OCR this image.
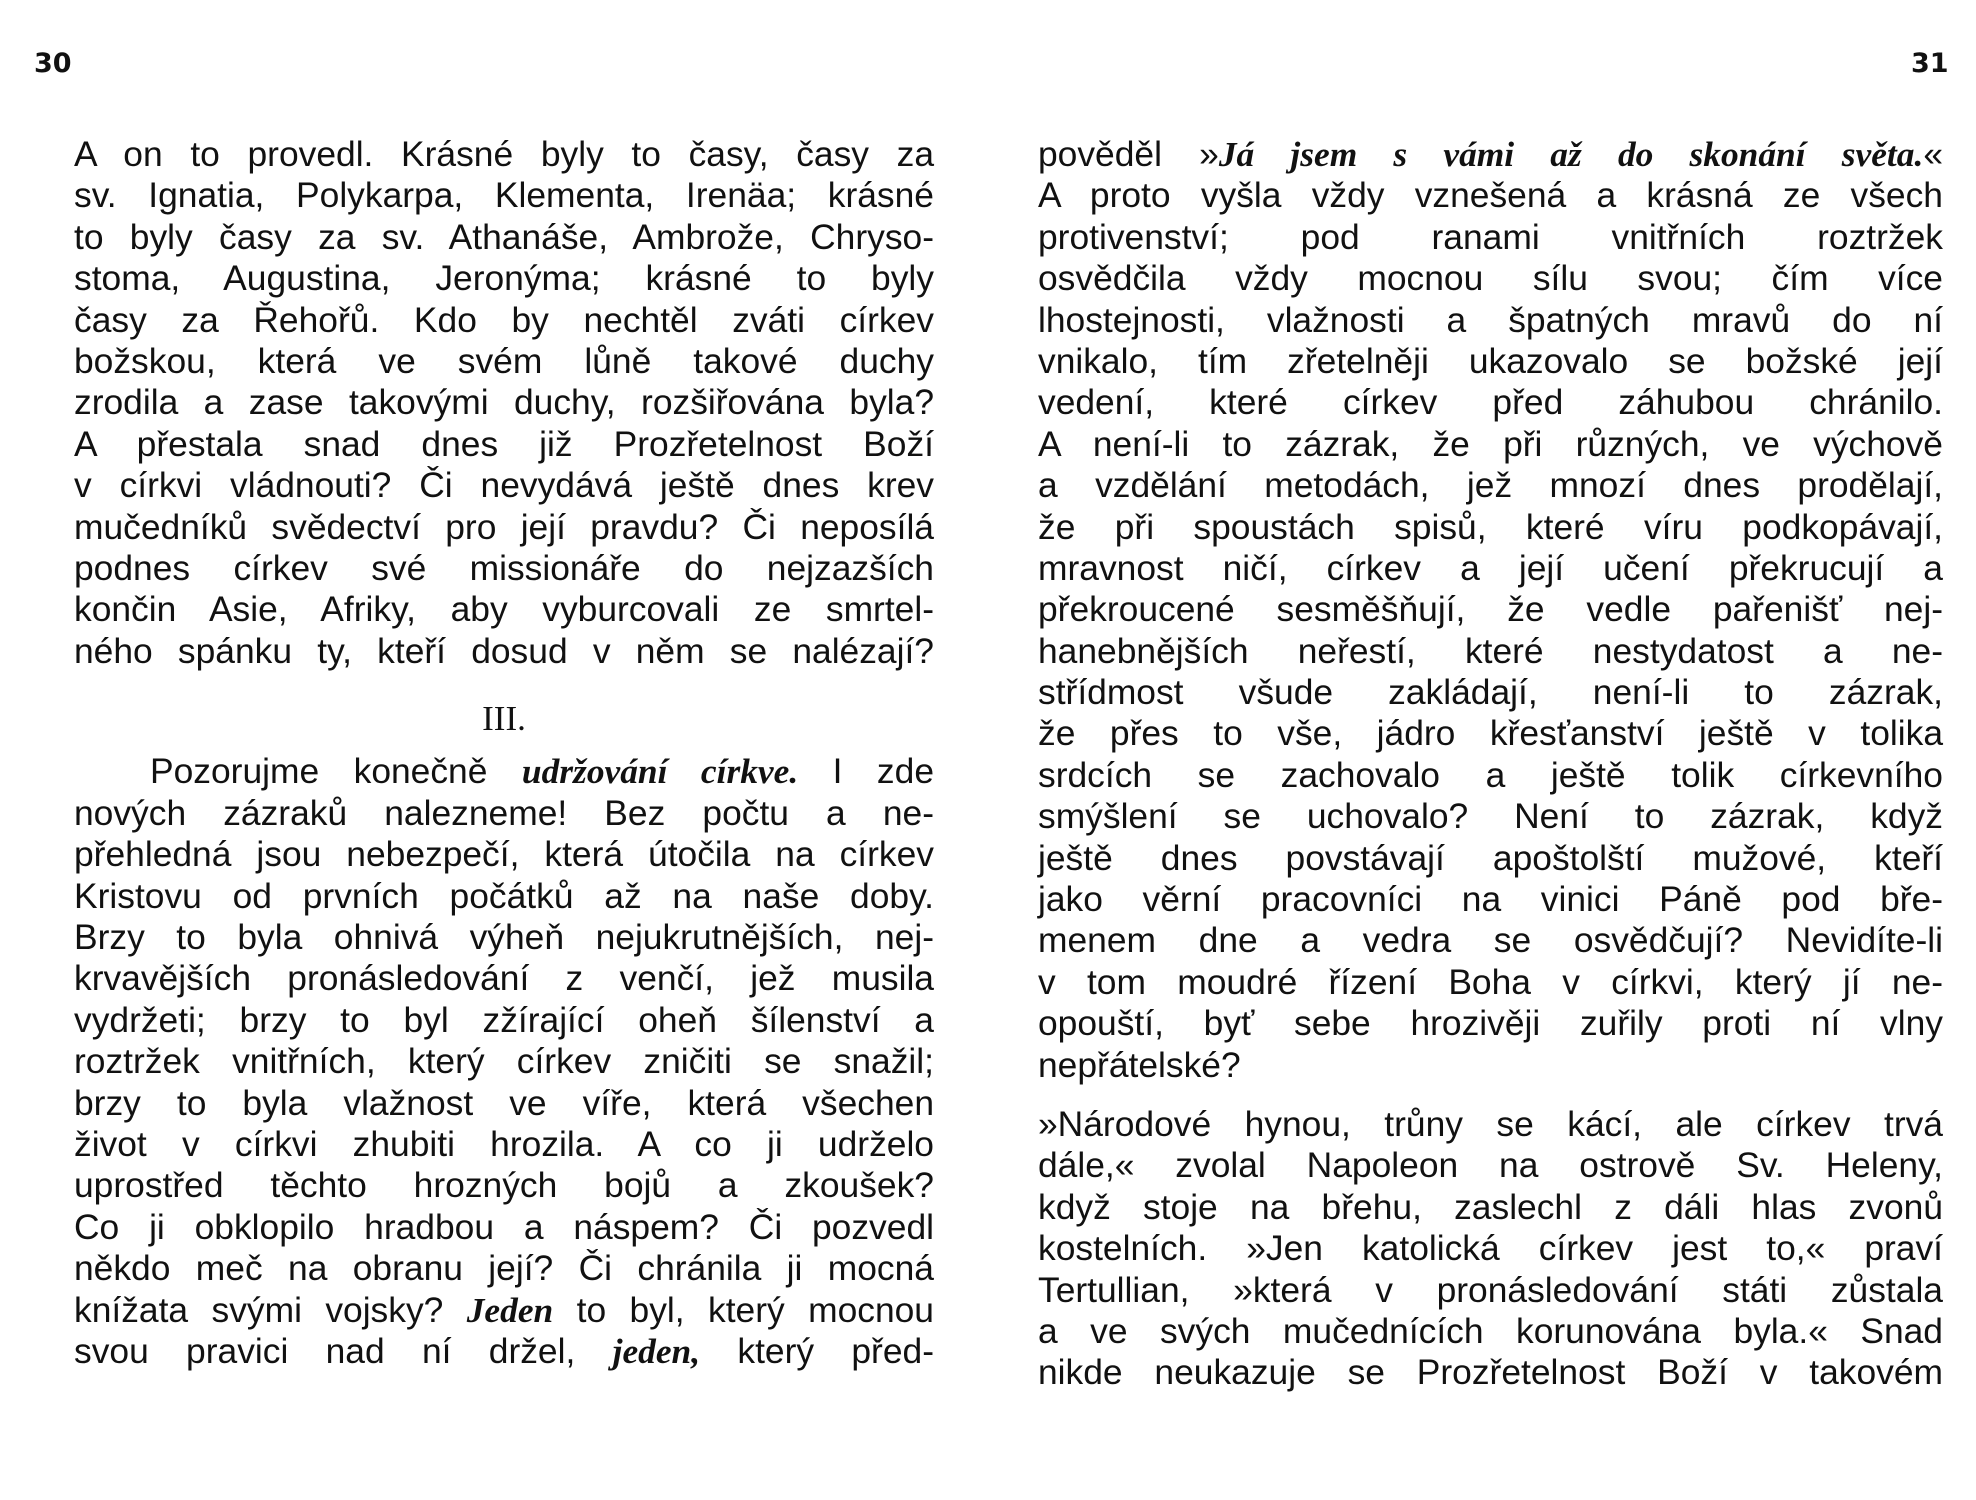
30	31
A on to provedl. Krásné byly to časy, časy za
sv. Ignatia, Polykarpa, Klementa, Irenäa; krásné
to byly časy za sv. Athanáše, Ambrože, Chryso-
stoma, Augustina, Jeronýma; krásné to byly
časy za Řehořů. Kdo by nechtěl zváti církev
božskou, která ve svém lůně takové duchy
zrodila a zase takovými duchy, rozšiřována byla?
A přestala snad dnes již Prozřetelnost Boží
v církvi vládnouti? Či nevydává ještě dnes krev
mučedníků svědectví pro její pravdu? Či neposílá
podnes církev své missionáře do nejzazších
končin Asie, Afriky, aby vyburcovali ze smrtel-
ného spánku ty, kteří dosud v něm se nalézají?
III.
Pozorujme konečně udržování církve. I zde
nových zázraků nalezneme! Bez počtu a ne-
přehledná jsou nebezpečí, která útočila na církev
Kristovu od prvních počátků až na naše doby.
Brzy to byla ohnivá výheň nejukrutnějších, nej-
krvavějších pronásledování z venčí, jež musila
vydržeti; brzy to byl zžírající oheň šílenství a
roztržek vnitřních, který církev zničiti se snažil;
brzy to byla vlažnost ve víře, která všechen
život v církvi zhubiti hrozila. A co ji udrželo
uprostřed těchto hrozných bojů a zkoušek?
Co ji obklopilo hradbou a náspem? Či pozvedl
někdo meč na obranu její? Či chránila ji mocná
knížata svými vojsky? Jeden to byl, který mocnou
svou pravici nad ní držel, jeden, který před-
pověděl »Já jsem s vámi až do skonání světa.«
A proto vyšla vždy vznešená a krásná ze všech
protivenství; pod ranami vnitřních roztržek
osvědčila vždy mocnou sílu svou; čím více
lhostejnosti, vlažnosti a špatných mravů do ní
vnikalo, tím zřetelněji ukazovalo se božské její
vedení, které církev před záhubou chránilo.
A není-li to zázrak, že při různých, ve výchově
a vzdělání metodách, jež mnozí dnes prodělají,
že při spoustách spisů, které víru podkopávají,
mravnost ničí, církev a její učení překrucují a
překroucené sesměšňují, že vedle pařenišť nej-
hanebnějších neřestí, které nestydatost a ne-
střídmost všude zakládají, není-li to zázrak,
že přes to vše, jádro křesťanství ještě v tolika
srdcích se zachovalo a ještě tolik církevního
smýšlení se uchovalo? Není to zázrak, když
ještě dnes povstávají apoštolští mužové, kteří
jako věrní pracovníci na vinici Páně pod bře-
menem dne a vedra se osvědčují? Nevidíte-li
v tom moudré řízení Boha v církvi, který jí ne-
opouští, byť sebe hrozivěji zuřily proti ní vlny
nepřátelské?
»Národové hynou, trůny se kácí, ale církev trvá
dále,« zvolal Napoleon na ostrově Sv. Heleny,
když stoje na břehu, zaslechl z dáli hlas zvonů
kostelních. »Jen katolická církev jest to,« praví
Tertullian, »která v pronásledování státi zůstala
a ve svých mučednících korunována byla.« Snad
nikde neukazuje se Prozřetelnost Boží v takovém
